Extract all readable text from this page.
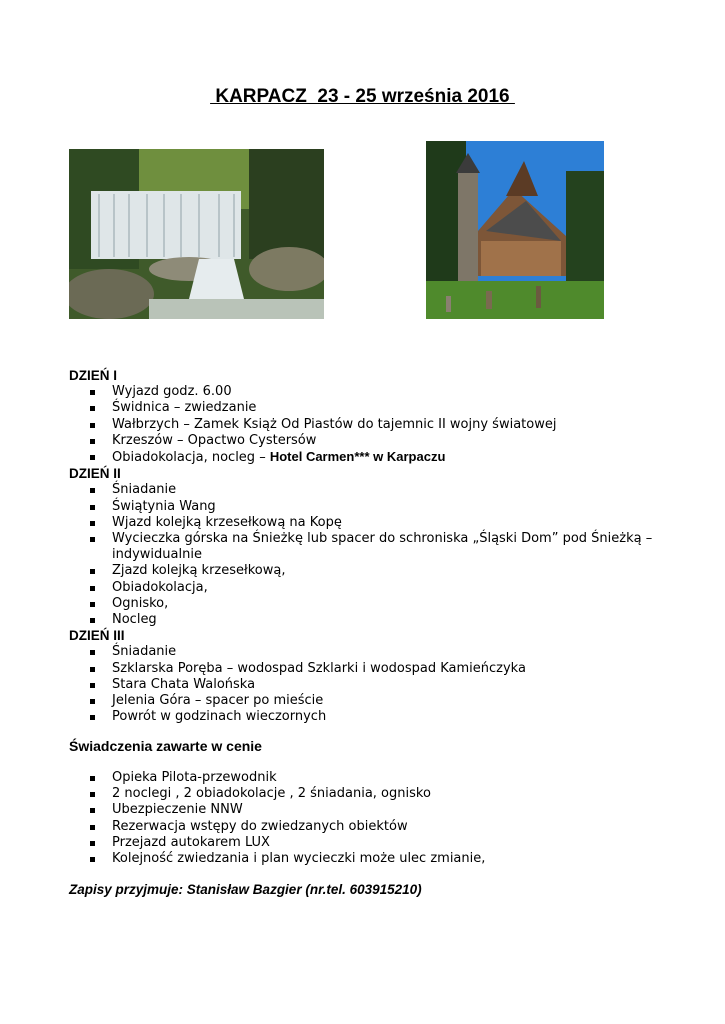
KARPACZ  23 - 25 września 2016
DZIEŃ I
Wyjazd godz. 6.00
Świdnica – zwiedzanie
Wałbrzych – Zamek Książ Od Piastów do tajemnic II wojny światowej
Krzeszów – Opactwo Cystersów
Obiadokolacja, nocleg – Hotel Carmen*** w Karpaczu
DZIEŃ II
Śniadanie
Świątynia Wang
Wjazd kolejką krzesełkową na Kopę
Wycieczka górska na Śnieżkę lub spacer do schroniska „Śląski Dom” pod Śnieżką – indywidualnie
Zjazd kolejką krzesełkową,
Obiadokolacja,
Ognisko,
Nocleg
DZIEŃ III
Śniadanie
Szklarska Poręba – wodospad Szklarki i wodospad Kamieńczyka
Stara Chata Walońska
Jelenia Góra – spacer po mieście
Powrót w godzinach wieczornych
Świadczenia zawarte w cenie
Opieka Pilota-przewodnik
2 noclegi , 2 obiadokolacje , 2 śniadania, ognisko
Ubezpieczenie NNW
Rezerwacja wstępy do zwiedzanych obiektów
Przejazd autokarem LUX
Kolejność zwiedzania i plan wycieczki może ulec zmianie,
Zapisy przyjmuje: Stanisław Bazgier (nr.tel. 603915210)
